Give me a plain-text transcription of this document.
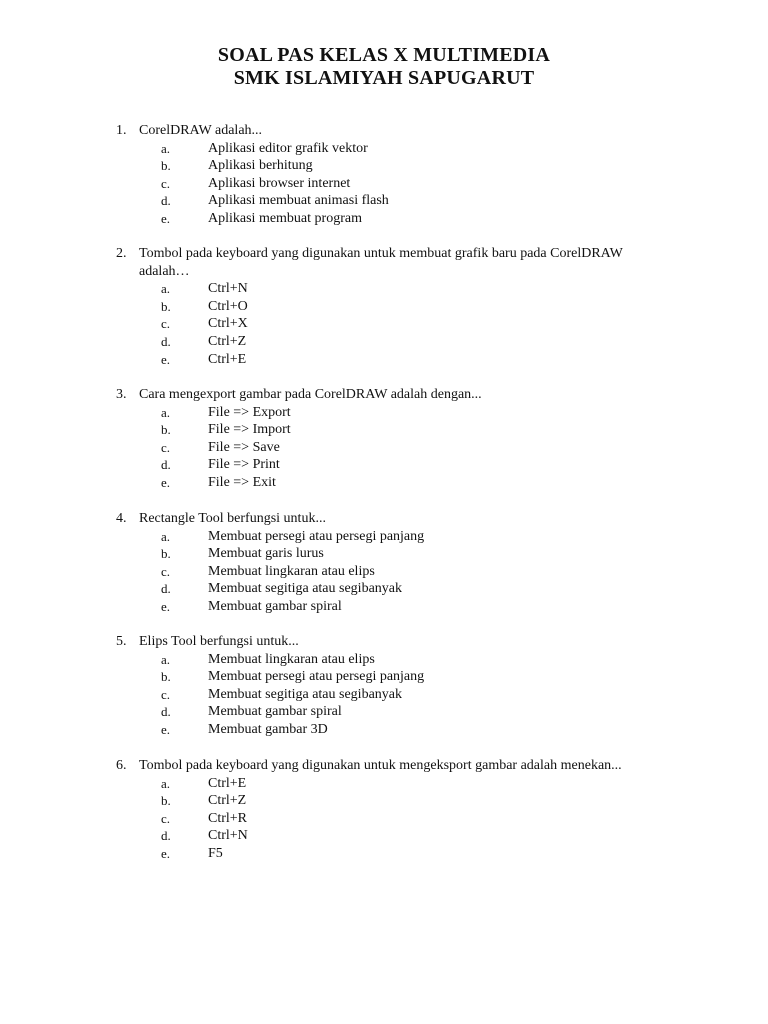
SOAL PAS KELAS X MULTIMEDIA
SMK ISLAMIYAH SAPUGARUT
1. CorelDRAW adalah...
a.	Aplikasi editor grafik vektor
b.	Aplikasi berhitung
c.	Aplikasi browser internet
d.	Aplikasi membuat animasi flash
e.	Aplikasi membuat program
2. Tombol pada keyboard yang digunakan untuk membuat grafik baru pada CorelDRAW adalah…
a.	Ctrl+N
b.	Ctrl+O
c.	Ctrl+X
d.	Ctrl+Z
e.	Ctrl+E
3. Cara mengexport gambar pada CorelDRAW adalah dengan...
a.	File => Export
b.	File => Import
c.	File => Save
d.	File => Print
e.	File => Exit
4. Rectangle Tool berfungsi untuk...
a.	Membuat persegi atau persegi panjang
b.	Membuat garis lurus
c.	Membuat lingkaran atau elips
d.	Membuat segitiga atau segibanyak
e.	Membuat gambar spiral
5. Elips Tool berfungsi untuk...
a.	Membuat lingkaran atau elips
b.	Membuat persegi atau persegi panjang
c.	Membuat segitiga atau segibanyak
d.	Membuat gambar spiral
e.	Membuat gambar 3D
6. Tombol pada keyboard yang digunakan untuk mengeksport gambar adalah menekan...
a.	Ctrl+E
b.	Ctrl+Z
c.	Ctrl+R
d.	Ctrl+N
e.	F5
